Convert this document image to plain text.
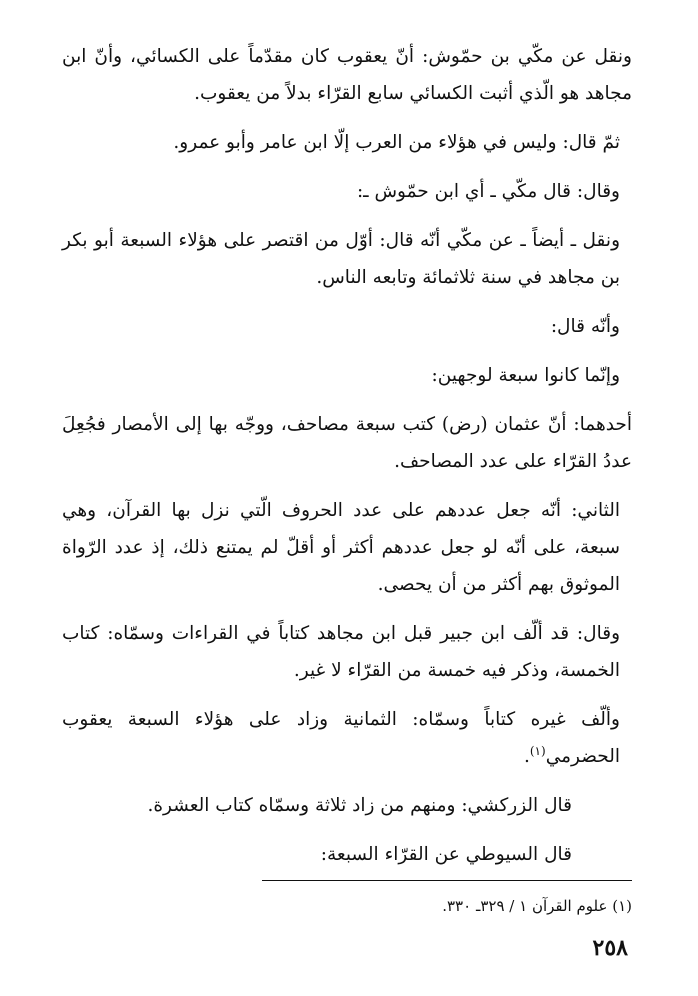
ونقل عن مكّي بن حمّوش: أنّ يعقوب كان مقدّماً على الكسائي، وأنّ ابن مجاهد هو الّذي أثبت الكسائي سابع القرّاء بدلاً من يعقوب.

ثمّ قال: وليس في هؤلاء من العرب إلّا ابن عامر وأبو عمرو.

وقال: قال مكّي ـ أي ابن حمّوش ـ:

ونقل ـ أيضاً ـ عن مكّي أنّه قال: أوّل من اقتصر على هؤلاء السبعة أبو بكر بن مجاهد في سنة ثلاثمائة وتابعه الناس.

وأنّه قال:

وإنّما كانوا سبعة لوجهين:

أحدهما: أنّ عثمان (رض) كتب سبعة مصاحف، ووجّه بها إلى الأمصار فجُعِلَ عددُ القرّاء على عدد المصاحف.

الثاني: أنّه جعل عددهم على عدد الحروف الّتي نزل بها القرآن، وهي سبعة، على أنّه لو جعل عددهم أكثر أو أقلّ لم يمتنع ذلك، إذ عدد الرّواة الموثوق بهم أكثر من أن يحصى.

وقال: قد ألّف ابن جبير قبل ابن مجاهد كتاباً في القراءات وسمّاه: كتاب الخمسة، وذكر فيه خمسة من القرّاء لا غير.

وألّف غيره كتاباً وسمّاه: الثمانية وزاد على هؤلاء السبعة يعقوب الحضرمي$^{(١)}$.

قال الزركشي: ومنهم من زاد ثلاثة وسمّاه كتاب العشرة.

قال السيوطي عن القرّاء السبعة:

(١) علوم القرآن ١ / ٣٢٩ـ ٣٣٠.
٢٥٨
